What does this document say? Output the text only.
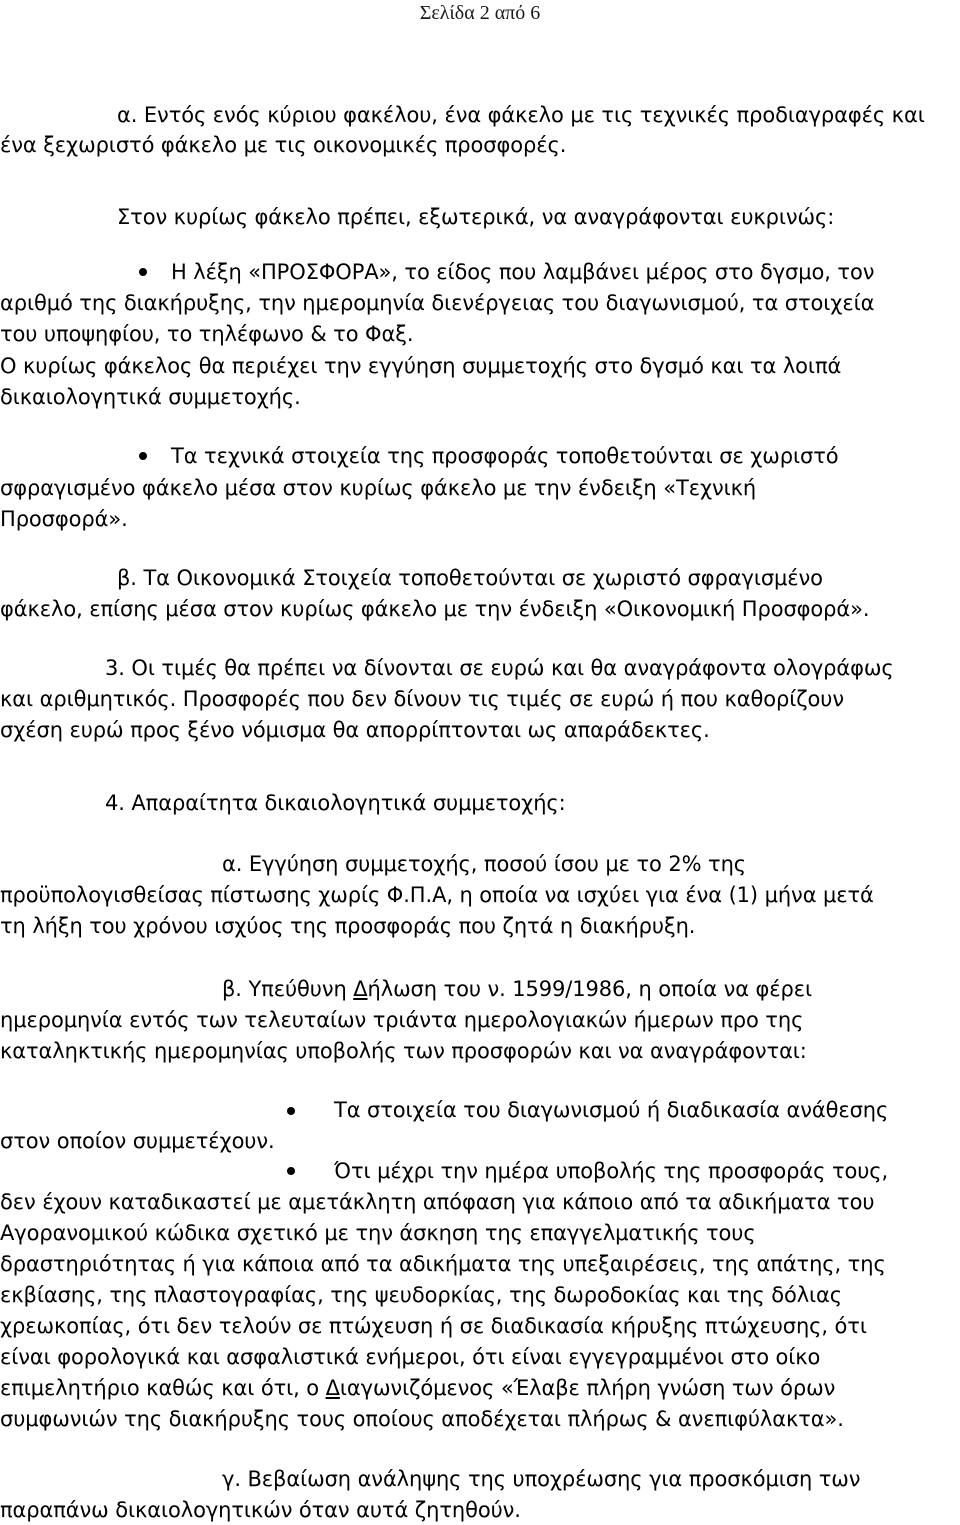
Σελίδα 2 από 6
α. Εντός ενός κύριου φακέλου, ένα φάκελο με τις τεχνικές προδιαγραφές και
ένα ξεχωριστό φάκελο με τις οικονομικές προσφορές.
Στον κυρίως φάκελο πρέπει, εξωτερικά, να αναγράφονται ευκρινώς:
Η λέξη «ΠΡΟΣΦΟΡΑ», το είδος που λαμβάνει μέρος στο δγσμο, τον
αριθμό της διακήρυξης, την ημερομηνία διενέργειας του διαγωνισμού, τα στοιχεία
του υποψηφίου, το τηλέφωνο & το Φαξ.
Ο κυρίως φάκελος θα περιέχει την εγγύηση συμμετοχής στο δγσμό και τα λοιπά
δικαιολογητικά συμμετοχής.
Τα τεχνικά στοιχεία της προσφοράς τοποθετούνται σε χωριστό
σφραγισμένο φάκελο μέσα στον κυρίως φάκελο με την ένδειξη «Τεχνική
Προσφορά».
β. Τα Οικονομικά Στοιχεία τοποθετούνται σε χωριστό σφραγισμένο
φάκελο, επίσης μέσα στον κυρίως φάκελο με την ένδειξη «Οικονομική Προσφορά».
3. Οι τιμές θα πρέπει να δίνονται σε ευρώ και θα αναγράφοντα ολογράφως
και αριθμητικός. Προσφορές που δεν δίνουν τις τιμές σε ευρώ ή που καθορίζουν
σχέση ευρώ προς ξένο νόμισμα θα απορρίπτονται ως απαράδεκτες.
4. Απαραίτητα δικαιολογητικά συμμετοχής:
α. Εγγύηση συμμετοχής, ποσού ίσου με το 2% της
προϋπολογισθείσας πίστωσης χωρίς Φ.Π.Α, η οποία να ισχύει για ένα (1) μήνα μετά
τη λήξη του χρόνου ισχύος της προσφοράς που ζητά η διακήρυξη.
β. Υπεύθυνη Δήλωση του ν. 1599/1986, η οποία να φέρει
ημερομηνία εντός των τελευταίων τριάντα ημερολογιακών ήμερων προ της
καταληκτικής ημερομηνίας υποβολής των προσφορών και να αναγράφονται:
Τα στοιχεία του διαγωνισμού ή διαδικασία ανάθεσης
στον οποίον συμμετέχουν.
Ότι μέχρι την ημέρα υποβολής της προσφοράς τους,
δεν έχουν καταδικαστεί με αμετάκλητη απόφαση για κάποιο από τα αδικήματα του
Αγορανομικού κώδικα σχετικό με την άσκηση της επαγγελματικής τους
δραστηριότητας ή για κάποια από τα αδικήματα της υπεξαιρέσεις, της απάτης, της
εκβίασης, της πλαστογραφίας, της ψευδορκίας, της δωροδοκίας και της δόλιας
χρεωκοπίας, ότι δεν τελούν σε πτώχευση ή σε διαδικασία κήρυξης πτώχευσης, ότι
είναι φορολογικά και ασφαλιστικά ενήμεροι, ότι είναι εγγεγραμμένοι στο οίκο
επιμελητήριο καθώς και ότι, ο Διαγωνιζόμενος «Έλαβε πλήρη γνώση των όρων
συμφωνιών της διακήρυξης τους οποίους αποδέχεται πλήρως & ανεπιφύλακτα».
γ. Βεβαίωση ανάληψης της υποχρέωσης για προσκόμιση των
παραπάνω δικαιολογητικών όταν αυτά ζητηθούν.
